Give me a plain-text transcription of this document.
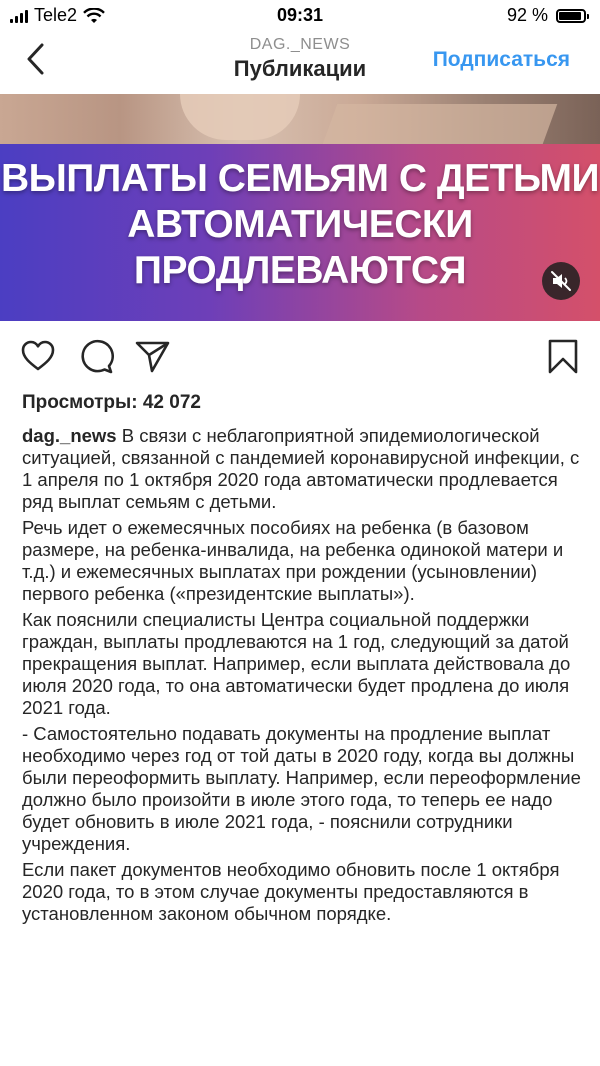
Tele2	09:31	92 %
DAG._NEWS
Публикации	Подписаться
ВЫПЛАТЫ СЕМЬЯМ С ДЕТЬМИ АВТОМАТИЧЕСКИ ПРОДЛЕВАЮТСЯ
Просмотры: 42 072

dag._news В связи с неблагоприятной эпидемиологической ситуацией, связанной с пандемией коронавирусной инфекции, с 1 апреля по 1 октября 2020 года автоматически продлевается ряд выплат семьям с детьми.

Речь идет о ежемесячных пособиях на ребенка (в базовом размере, на ребенка-инвалида, на ребенка одинокой матери и т.д.) и ежемесячных выплатах при рождении (усыновлении) первого ребенка («президентские выплаты»).

Как пояснили специалисты Центра социальной поддержки граждан, выплаты продлеваются на 1 год, следующий за датой прекращения выплат. Например, если выплата действовала до июля 2020 года, то она автоматически будет продлена до июля 2021 года.

- Самостоятельно подавать документы на продление выплат необходимо через год от той даты в 2020 году, когда вы должны были переоформить выплату. Например, если переоформление должно было произойти в июле этого года, то теперь ее надо будет обновить в июле 2021 года, - пояснили сотрудники учреждения.

Если пакет документов необходимо обновить после 1 октября 2020 года, то в этом случае документы предоставляются в установленном законом обычном порядке.
